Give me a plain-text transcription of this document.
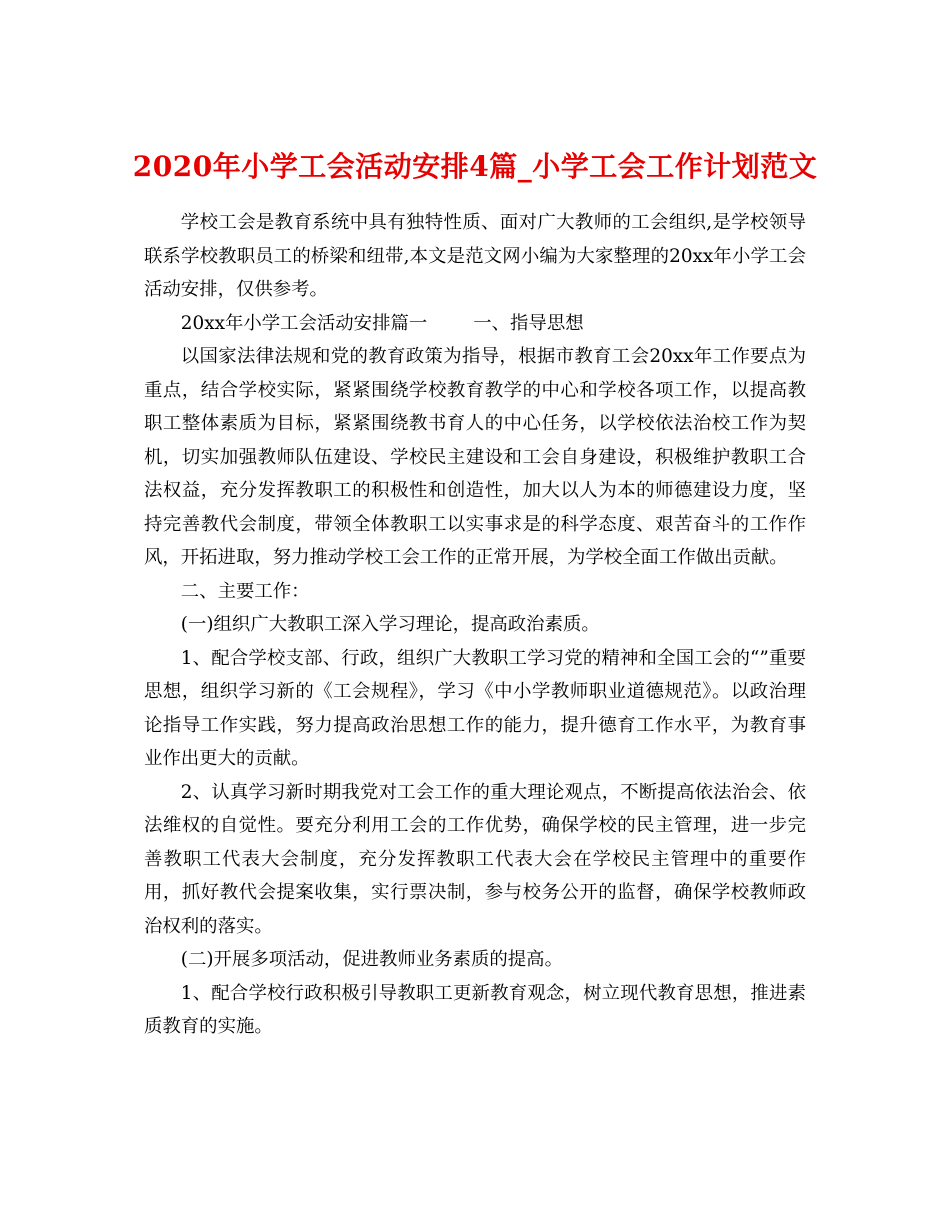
2020年小学工会活动安排4篇_小学工会工作计划范文

学校工会是教育系统中具有独特性质、面对广大教师的工会组织,是学校领导联系学校教职员工的桥梁和纽带,本文是范文网小编为大家整理的20xx年小学工会活动安排，仅供参考。

20xx年小学工会活动安排篇一	一、指导思想

以国家法律法规和党的教育政策为指导，根据市教育工会20xx年工作要点为重点，结合学校实际，紧紧围绕学校教育教学的中心和学校各项工作，以提高教职工整体素质为目标，紧紧围绕教书育人的中心任务，以学校依法治校工作为契机，切实加强教师队伍建设、学校民主建设和工会自身建设，积极维护教职工合法权益，充分发挥教职工的积极性和创造性，加大以人为本的师德建设力度，坚持完善教代会制度，带领全体教职工以实事求是的科学态度、艰苦奋斗的工作作风，开拓进取，努力推动学校工会工作的正常开展，为学校全面工作做出贡献。

二、主要工作：

(一)组织广大教职工深入学习理论，提高政治素质。

1、配合学校支部、行政，组织广大教职工学习党的精神和全国工会的“”重要思想，组织学习新的《工会规程》，学习《中小学教师职业道德规范》。以政治理论指导工作实践，努力提高政治思想工作的能力，提升德育工作水平，为教育事业作出更大的贡献。

2、认真学习新时期我党对工会工作的重大理论观点，不断提高依法治会、依法维权的自觉性。要充分利用工会的工作优势，确保学校的民主管理，进一步完善教职工代表大会制度，充分发挥教职工代表大会在学校民主管理中的重要作用，抓好教代会提案收集，实行票决制，参与校务公开的监督，确保学校教师政治权利的落实。

(二)开展多项活动，促进教师业务素质的提高。

1、配合学校行政积极引导教职工更新教育观念，树立现代教育思想，推进素质教育的实施。
